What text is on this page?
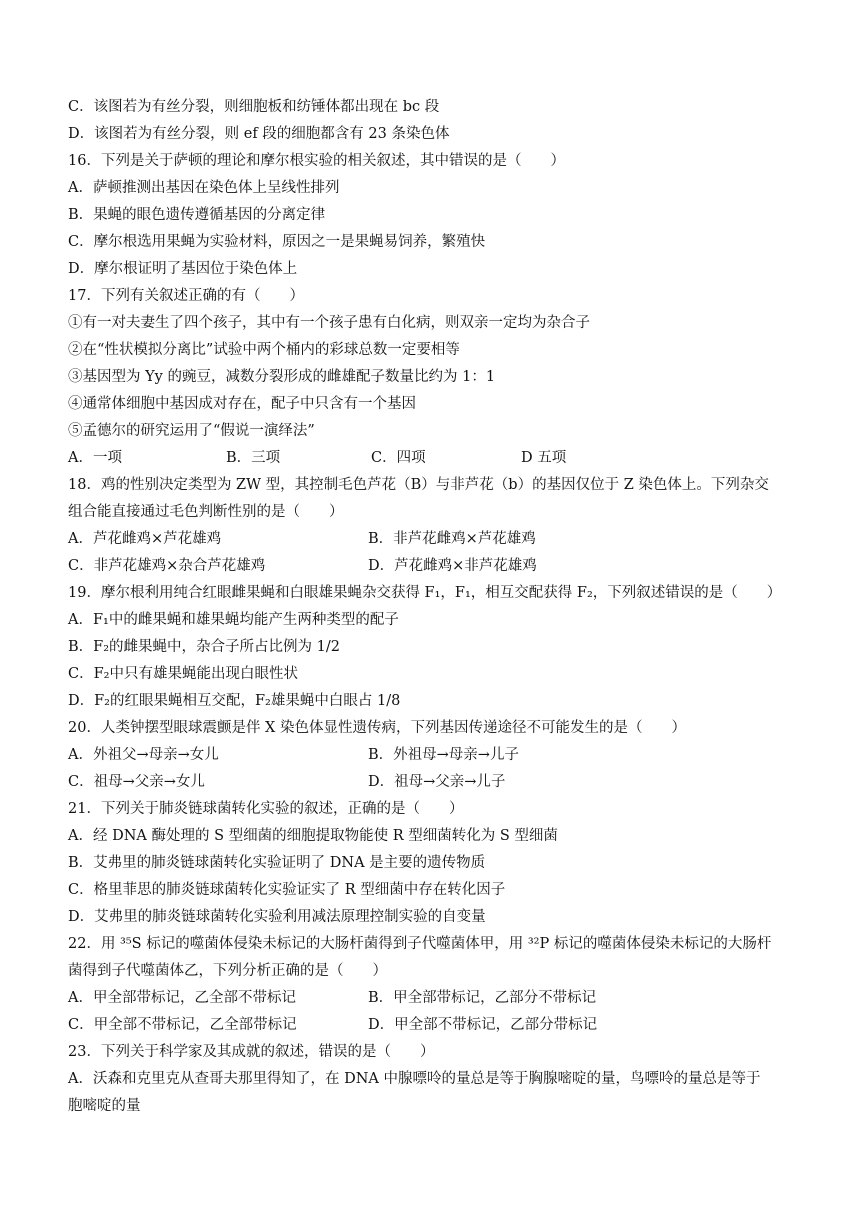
C．该图若为有丝分裂，则细胞板和纺锤体都出现在 bc 段
D．该图若为有丝分裂，则 ef 段的细胞都含有 23 条染色体
16．下列是关于萨顿的理论和摩尔根实验的相关叙述，其中错误的是（　　）
A．萨顿推测出基因在染色体上呈线性排列
B．果蝇的眼色遗传遵循基因的分离定律
C．摩尔根选用果蝇为实验材料，原因之一是果蝇易饲养，繁殖快
D．摩尔根证明了基因位于染色体上
17．下列有关叙述正确的有（　　）
①有一对夫妻生了四个孩子，其中有一个孩子患有白化病，则双亲一定均为杂合子
②在“性状模拟分离比”试验中两个桶内的彩球总数一定要相等
③基因型为 Yy 的豌豆，减数分裂形成的雌雄配子数量比约为 1：1
④通常体细胞中基因成对存在，配子中只含有一个基因
⑤孟德尔的研究运用了“假说一演绎法”
A．一项	B．三项	C．四项	D 五项
18．鸡的性别决定类型为 ZW 型，其控制毛色芦花（B）与非芦花（b）的基因仅位于 Z 染色体上。下列杂交
组合能直接通过毛色判断性别的是（　　）
A．芦花雌鸡×芦花雄鸡	B．非芦花雌鸡×芦花雄鸡
C．非芦花雄鸡×杂合芦花雄鸡	D．芦花雌鸡×非芦花雄鸡
19．摩尔根利用纯合红眼雌果蝇和白眼雄果蝇杂交获得 F₁，F₁，相互交配获得 F₂，下列叙述错误的是（　　）
A．F₁中的雌果蝇和雄果蝇均能产生两种类型的配子
B．F₂的雌果蝇中，杂合子所占比例为 1/2
C．F₂中只有雄果蝇能出现白眼性状
D．F₂的红眼果蝇相互交配，F₂雄果蝇中白眼占 1/8
20．人类钟摆型眼球震颤是伴 X 染色体显性遗传病，下列基因传递途径不可能发生的是（　　）
A．外祖父→母亲→女儿	B．外祖母→母亲→儿子
C．祖母→父亲→女儿	D．祖母→父亲→儿子
21．下列关于肺炎链球菌转化实验的叙述，正确的是（　　）
A．经 DNA 酶处理的 S 型细菌的细胞提取物能使 R 型细菌转化为 S 型细菌
B．艾弗里的肺炎链球菌转化实验证明了 DNA 是主要的遗传物质
C．格里菲思的肺炎链球菌转化实验证实了 R 型细菌中存在转化因子
D．艾弗里的肺炎链球菌转化实验利用减法原理控制实验的自变量
22．用 ³⁵S 标记的噬菌体侵染未标记的大肠杆菌得到子代噬菌体甲，用 ³²P 标记的噬菌体侵染未标记的大肠杆
菌得到子代噬菌体乙，下列分析正确的是（　　）
A．甲全部带标记，乙全部不带标记	B．甲全部带标记，乙部分不带标记
C．甲全部不带标记，乙全部带标记	D．甲全部不带标记，乙部分带标记
23．下列关于科学家及其成就的叙述，错误的是（　　）
A．沃森和克里克从查哥夫那里得知了，在 DNA 中腺嘌呤的量总是等于胸腺嘧啶的量，鸟嘌呤的量总是等于
胞嘧啶的量
